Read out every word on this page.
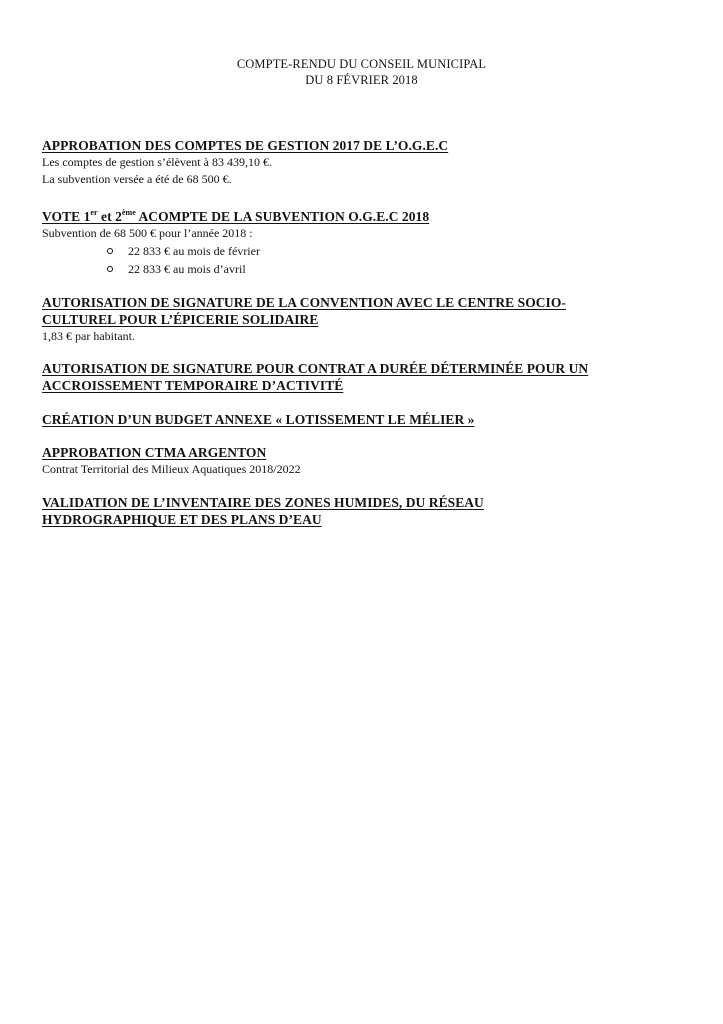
COMPTE-RENDU DU CONSEIL MUNICIPAL
DU 8 FÉVRIER 2018
APPROBATION DES COMPTES DE GESTION 2017 DE L’O.G.E.C
Les comptes de gestion s’élèvent à 83 439,10 €.
La subvention versée a été de 68 500 €.
VOTE 1er et 2ème ACOMPTE DE LA SUBVENTION O.G.E.C 2018
Subvention de 68 500 € pour l’année 2018 :
22 833 € au mois de février
22 833 € au mois d’avril
AUTORISATION DE SIGNATURE DE LA CONVENTION AVEC LE CENTRE SOCIO-
CULTUREL POUR L’ÉPICERIE SOLIDAIRE
1,83 € par habitant.
AUTORISATION DE SIGNATURE POUR CONTRAT A DURÉE DÉTERMINÉE POUR UN
ACCROISSEMENT TEMPORAIRE D’ACTIVITÉ
CRÉATION D’UN BUDGET ANNEXE « LOTISSEMENT LE MÉLIER »
APPROBATION CTMA ARGENTON
Contrat Territorial des Milieux Aquatiques 2018/2022
VALIDATION DE L’INVENTAIRE DES ZONES HUMIDES, DU RÉSEAU
HYDROGRAPHIQUE ET DES PLANS D’EAU
